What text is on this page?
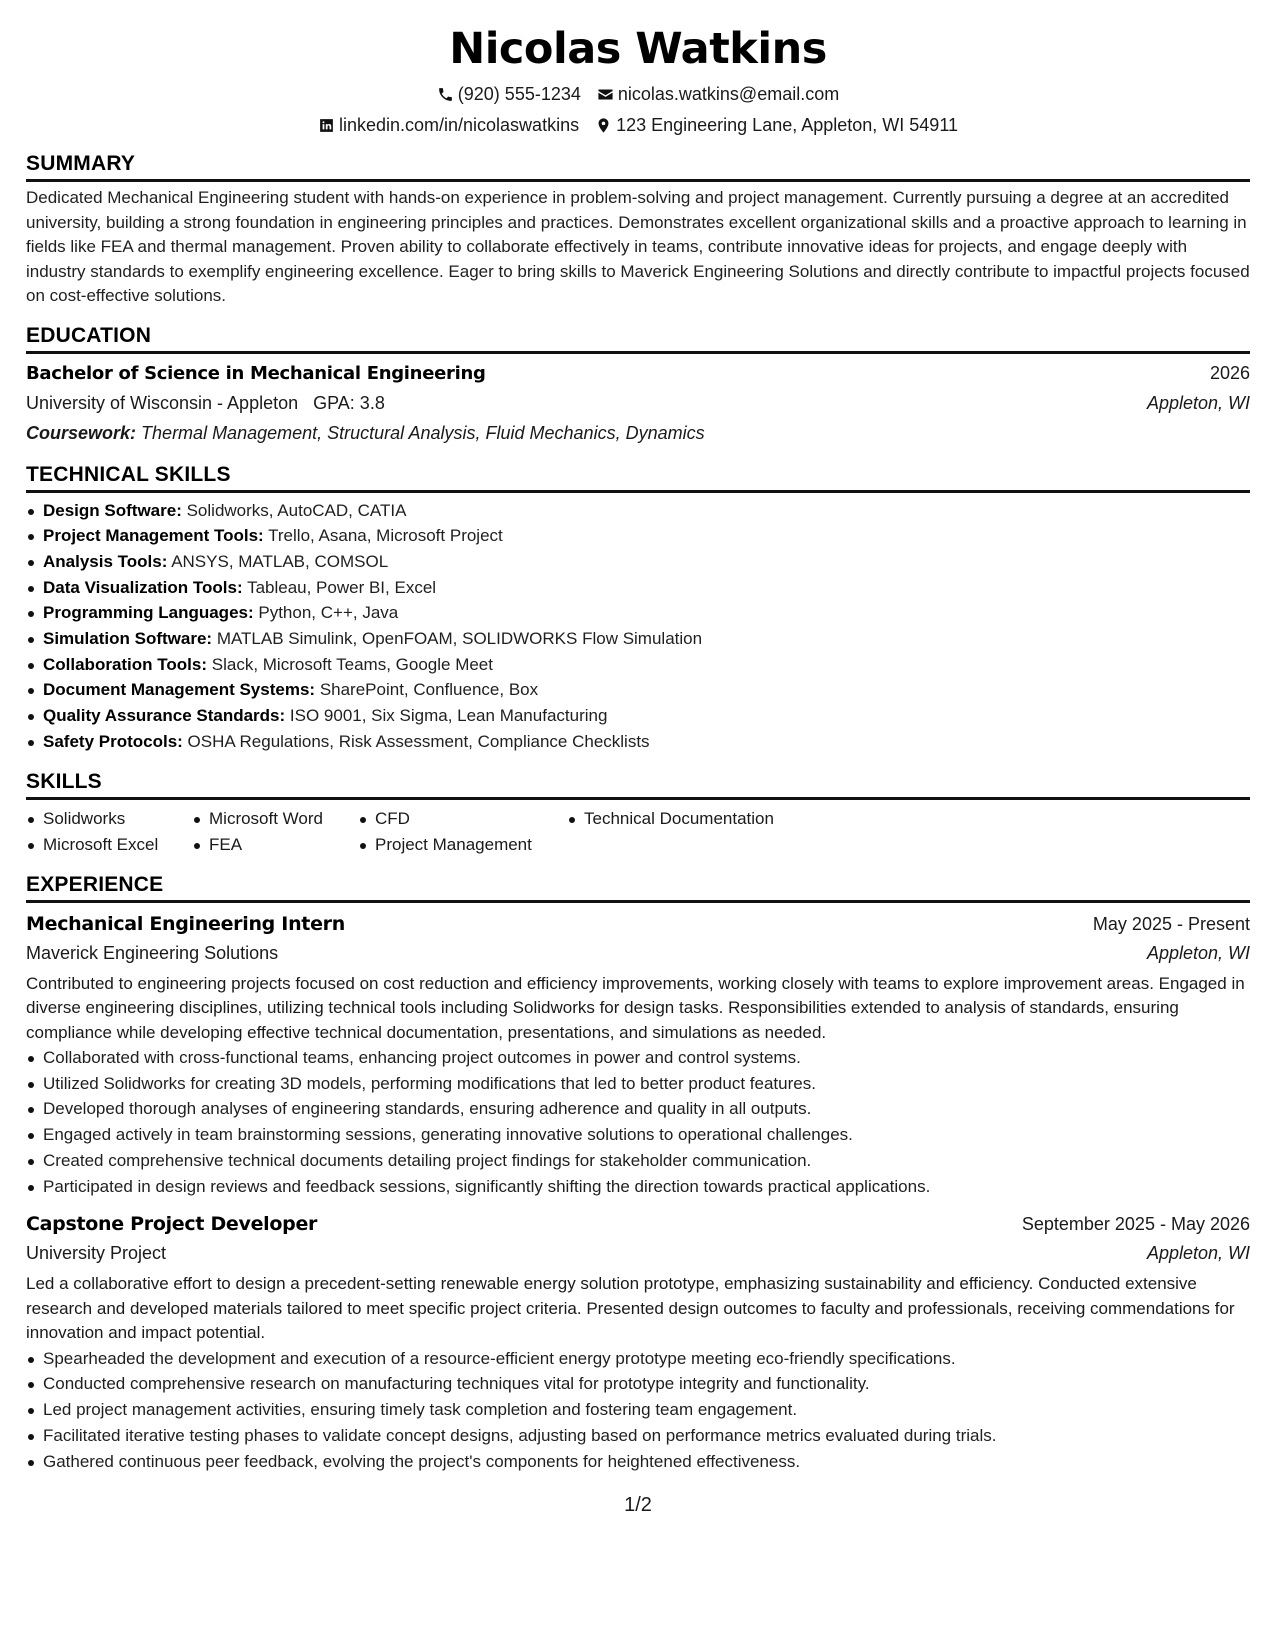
Nicolas Watkins
(920) 555-1234 nicolas.watkins@email.com
linkedin.com/in/nicolaswatkins 123 Engineering Lane, Appleton, WI 54911
SUMMARY
Dedicated Mechanical Engineering student with hands-on experience in problem-solving and project management. Currently pursuing a degree at an accredited university, building a strong foundation in engineering principles and practices. Demonstrates excellent organizational skills and a proactive approach to learning in fields like FEA and thermal management. Proven ability to collaborate effectively in teams, contribute innovative ideas for projects, and engage deeply with industry standards to exemplify engineering excellence. Eager to bring skills to Maverick Engineering Solutions and directly contribute to impactful projects focused on cost-effective solutions.
EDUCATION
Bachelor of Science in Mechanical Engineering	2026
University of Wisconsin - Appleton GPA: 3.8	Appleton, WI
Coursework: Thermal Management, Structural Analysis, Fluid Mechanics, Dynamics
TECHNICAL SKILLS
Design Software: Solidworks, AutoCAD, CATIA
Project Management Tools: Trello, Asana, Microsoft Project
Analysis Tools: ANSYS, MATLAB, COMSOL
Data Visualization Tools: Tableau, Power BI, Excel
Programming Languages: Python, C++, Java
Simulation Software: MATLAB Simulink, OpenFOAM, SOLIDWORKS Flow Simulation
Collaboration Tools: Slack, Microsoft Teams, Google Meet
Document Management Systems: SharePoint, Confluence, Box
Quality Assurance Standards: ISO 9001, Six Sigma, Lean Manufacturing
Safety Protocols: OSHA Regulations, Risk Assessment, Compliance Checklists
SKILLS
Solidworks
Microsoft Excel
Microsoft Word
FEA
CFD
Project Management
Technical Documentation
EXPERIENCE
Mechanical Engineering Intern	May 2025 - Present
Maverick Engineering Solutions	Appleton, WI
Contributed to engineering projects focused on cost reduction and efficiency improvements, working closely with teams to explore improvement areas. Engaged in diverse engineering disciplines, utilizing technical tools including Solidworks for design tasks. Responsibilities extended to analysis of standards, ensuring compliance while developing effective technical documentation, presentations, and simulations as needed.
Collaborated with cross-functional teams, enhancing project outcomes in power and control systems.
Utilized Solidworks for creating 3D models, performing modifications that led to better product features.
Developed thorough analyses of engineering standards, ensuring adherence and quality in all outputs.
Engaged actively in team brainstorming sessions, generating innovative solutions to operational challenges.
Created comprehensive technical documents detailing project findings for stakeholder communication.
Participated in design reviews and feedback sessions, significantly shifting the direction towards practical applications.
Capstone Project Developer	September 2025 - May 2026
University Project	Appleton, WI
Led a collaborative effort to design a precedent-setting renewable energy solution prototype, emphasizing sustainability and efficiency. Conducted extensive research and developed materials tailored to meet specific project criteria. Presented design outcomes to faculty and professionals, receiving commendations for innovation and impact potential.
Spearheaded the development and execution of a resource-efficient energy prototype meeting eco-friendly specifications.
Conducted comprehensive research on manufacturing techniques vital for prototype integrity and functionality.
Led project management activities, ensuring timely task completion and fostering team engagement.
Facilitated iterative testing phases to validate concept designs, adjusting based on performance metrics evaluated during trials.
Gathered continuous peer feedback, evolving the project's components for heightened effectiveness.
1/2
